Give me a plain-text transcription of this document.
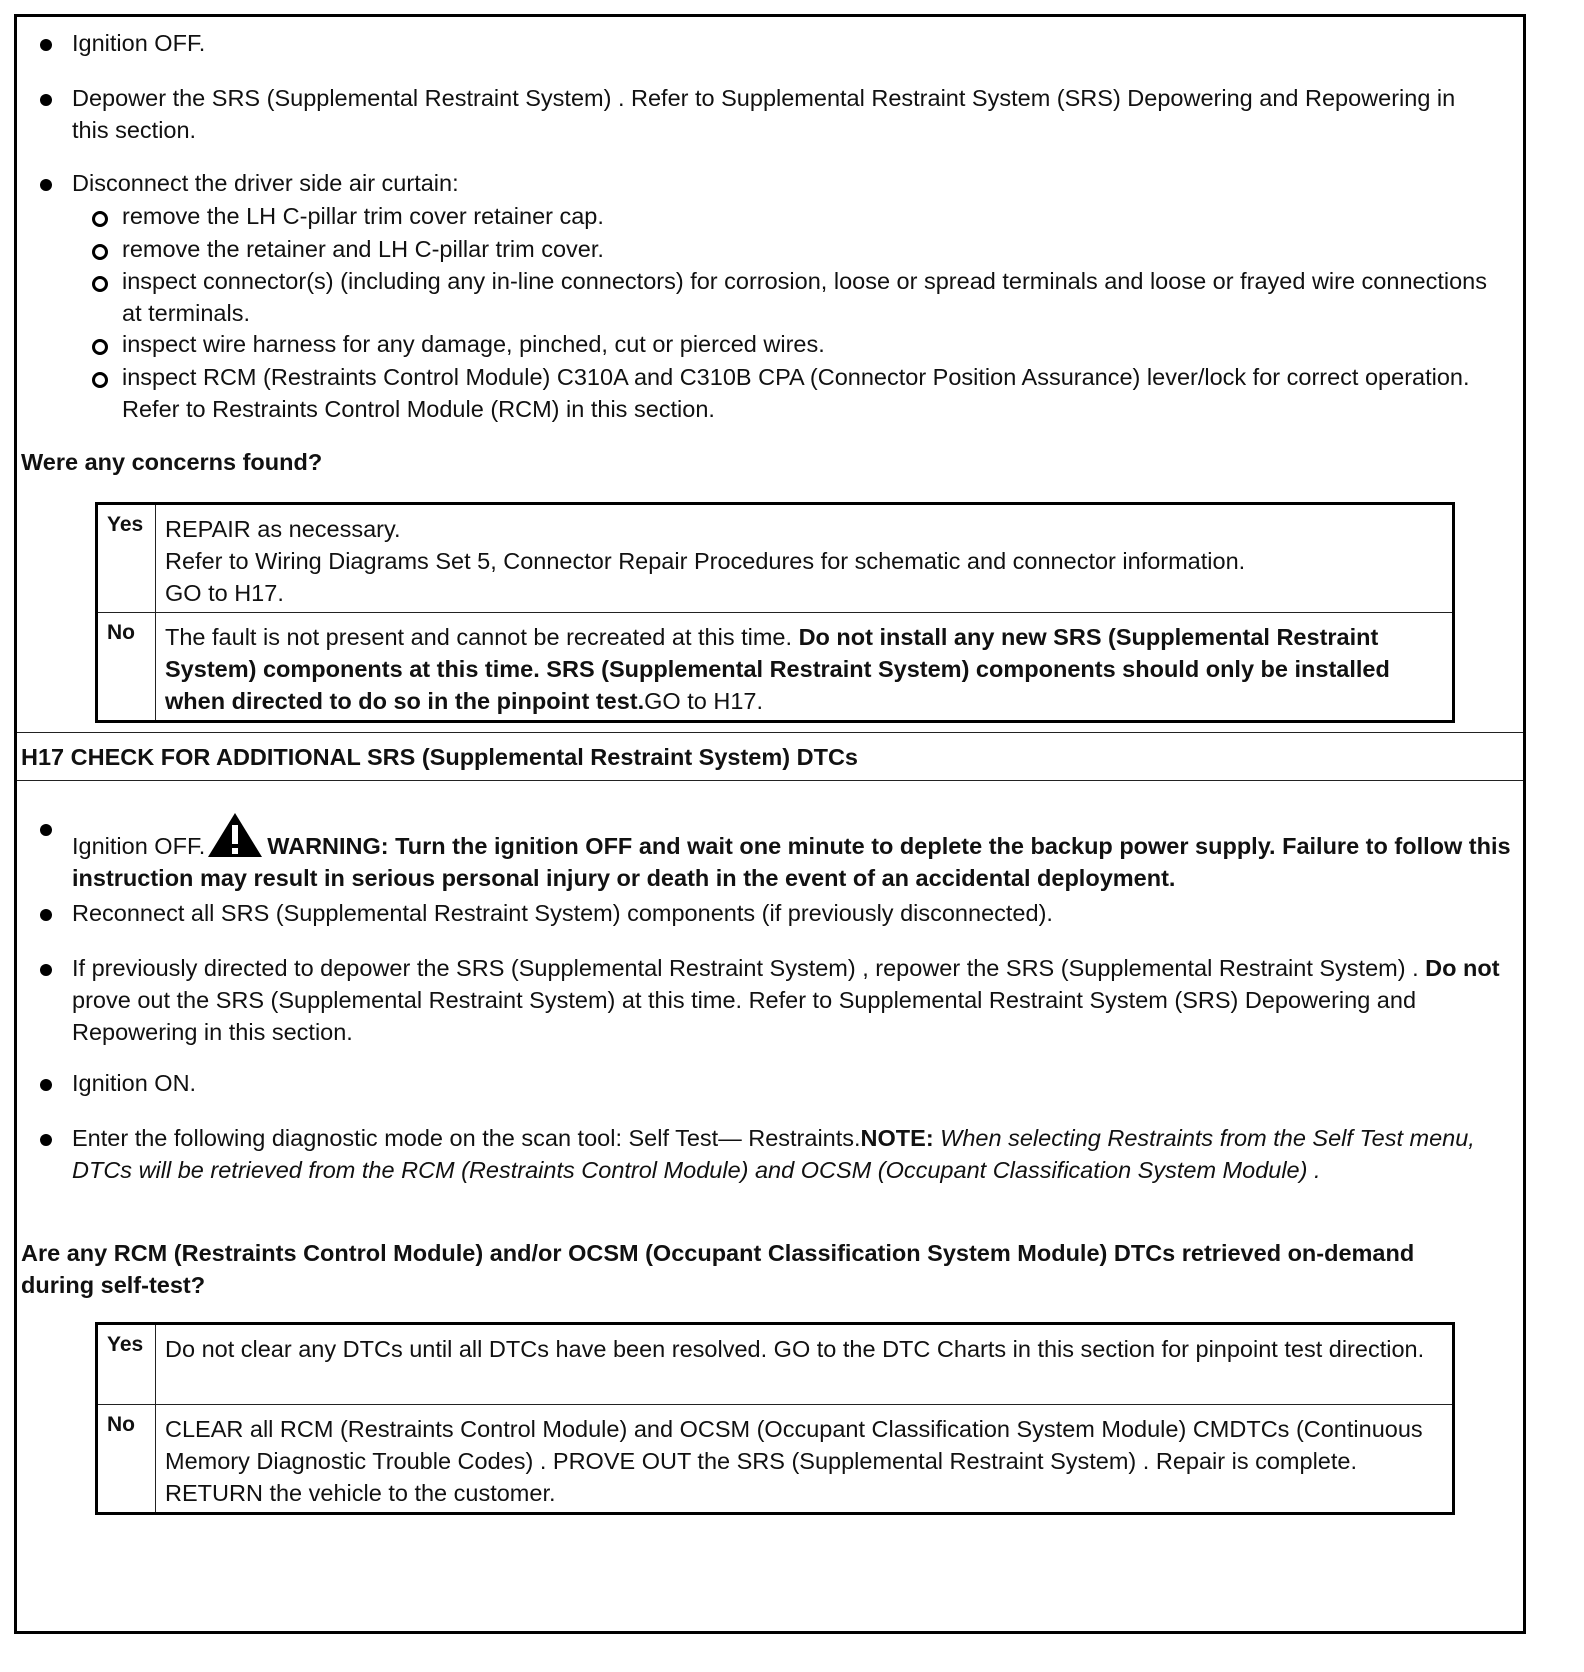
Ignition OFF.
Depower the SRS (Supplemental Restraint System) . Refer to Supplemental Restraint System (SRS) Depowering and Repowering in this section.
Disconnect the driver side air curtain:
remove the LH C-pillar trim cover retainer cap.
remove the retainer and LH C-pillar trim cover.
inspect connector(s) (including any in-line connectors) for corrosion, loose or spread terminals and loose or frayed wire connections at terminals.
inspect wire harness for any damage, pinched, cut or pierced wires.
inspect RCM (Restraints Control Module) C310A and C310B CPA (Connector Position Assurance) lever/lock for correct operation. Refer to Restraints Control Module (RCM) in this section.
Were any concerns found?
Yes REPAIR as necessary.
Refer to Wiring Diagrams Set 5, Connector Repair Procedures for schematic and connector information.
GO to H17.
No	The fault is not present and cannot be recreated at this time. Do not install any new SRS (Supplemental Restraint System) components at this time. SRS (Supplemental Restraint System) components should only be installed when directed to do so in the pinpoint test.GO to H17.
H17 CHECK FOR ADDITIONAL SRS (Supplemental Restraint System) DTCs
Ignition OFF.	WARNING: Turn the ignition OFF and wait one minute to deplete the backup power supply. Failure to follow this instruction may result in serious personal injury or death in the event of an accidental deployment.
Reconnect all SRS (Supplemental Restraint System) components (if previously disconnected).
If previously directed to depower the SRS (Supplemental Restraint System) , repower the SRS (Supplemental Restraint System) . Do not prove out the SRS (Supplemental Restraint System) at this time. Refer to Supplemental Restraint System (SRS) Depowering and Repowering in this section.
Ignition ON.
Enter the following diagnostic mode on the scan tool: Self Test— Restraints.NOTE: When selecting Restraints from the Self Test menu, DTCs will be retrieved from the RCM (Restraints Control Module) and OCSM (Occupant Classification System Module) .
Are any RCM (Restraints Control Module) and/or OCSM (Occupant Classification System Module) DTCs retrieved on-demand during self-test?
Yes Do not clear any DTCs until all DTCs have been resolved. GO to the DTC Charts in this section for pinpoint test direction.
No	CLEAR all RCM (Restraints Control Module) and OCSM (Occupant Classification System Module) CMDTCs (Continuous Memory Diagnostic Trouble Codes) . PROVE OUT the SRS (Supplemental Restraint System) . Repair is complete. RETURN the vehicle to the customer.
